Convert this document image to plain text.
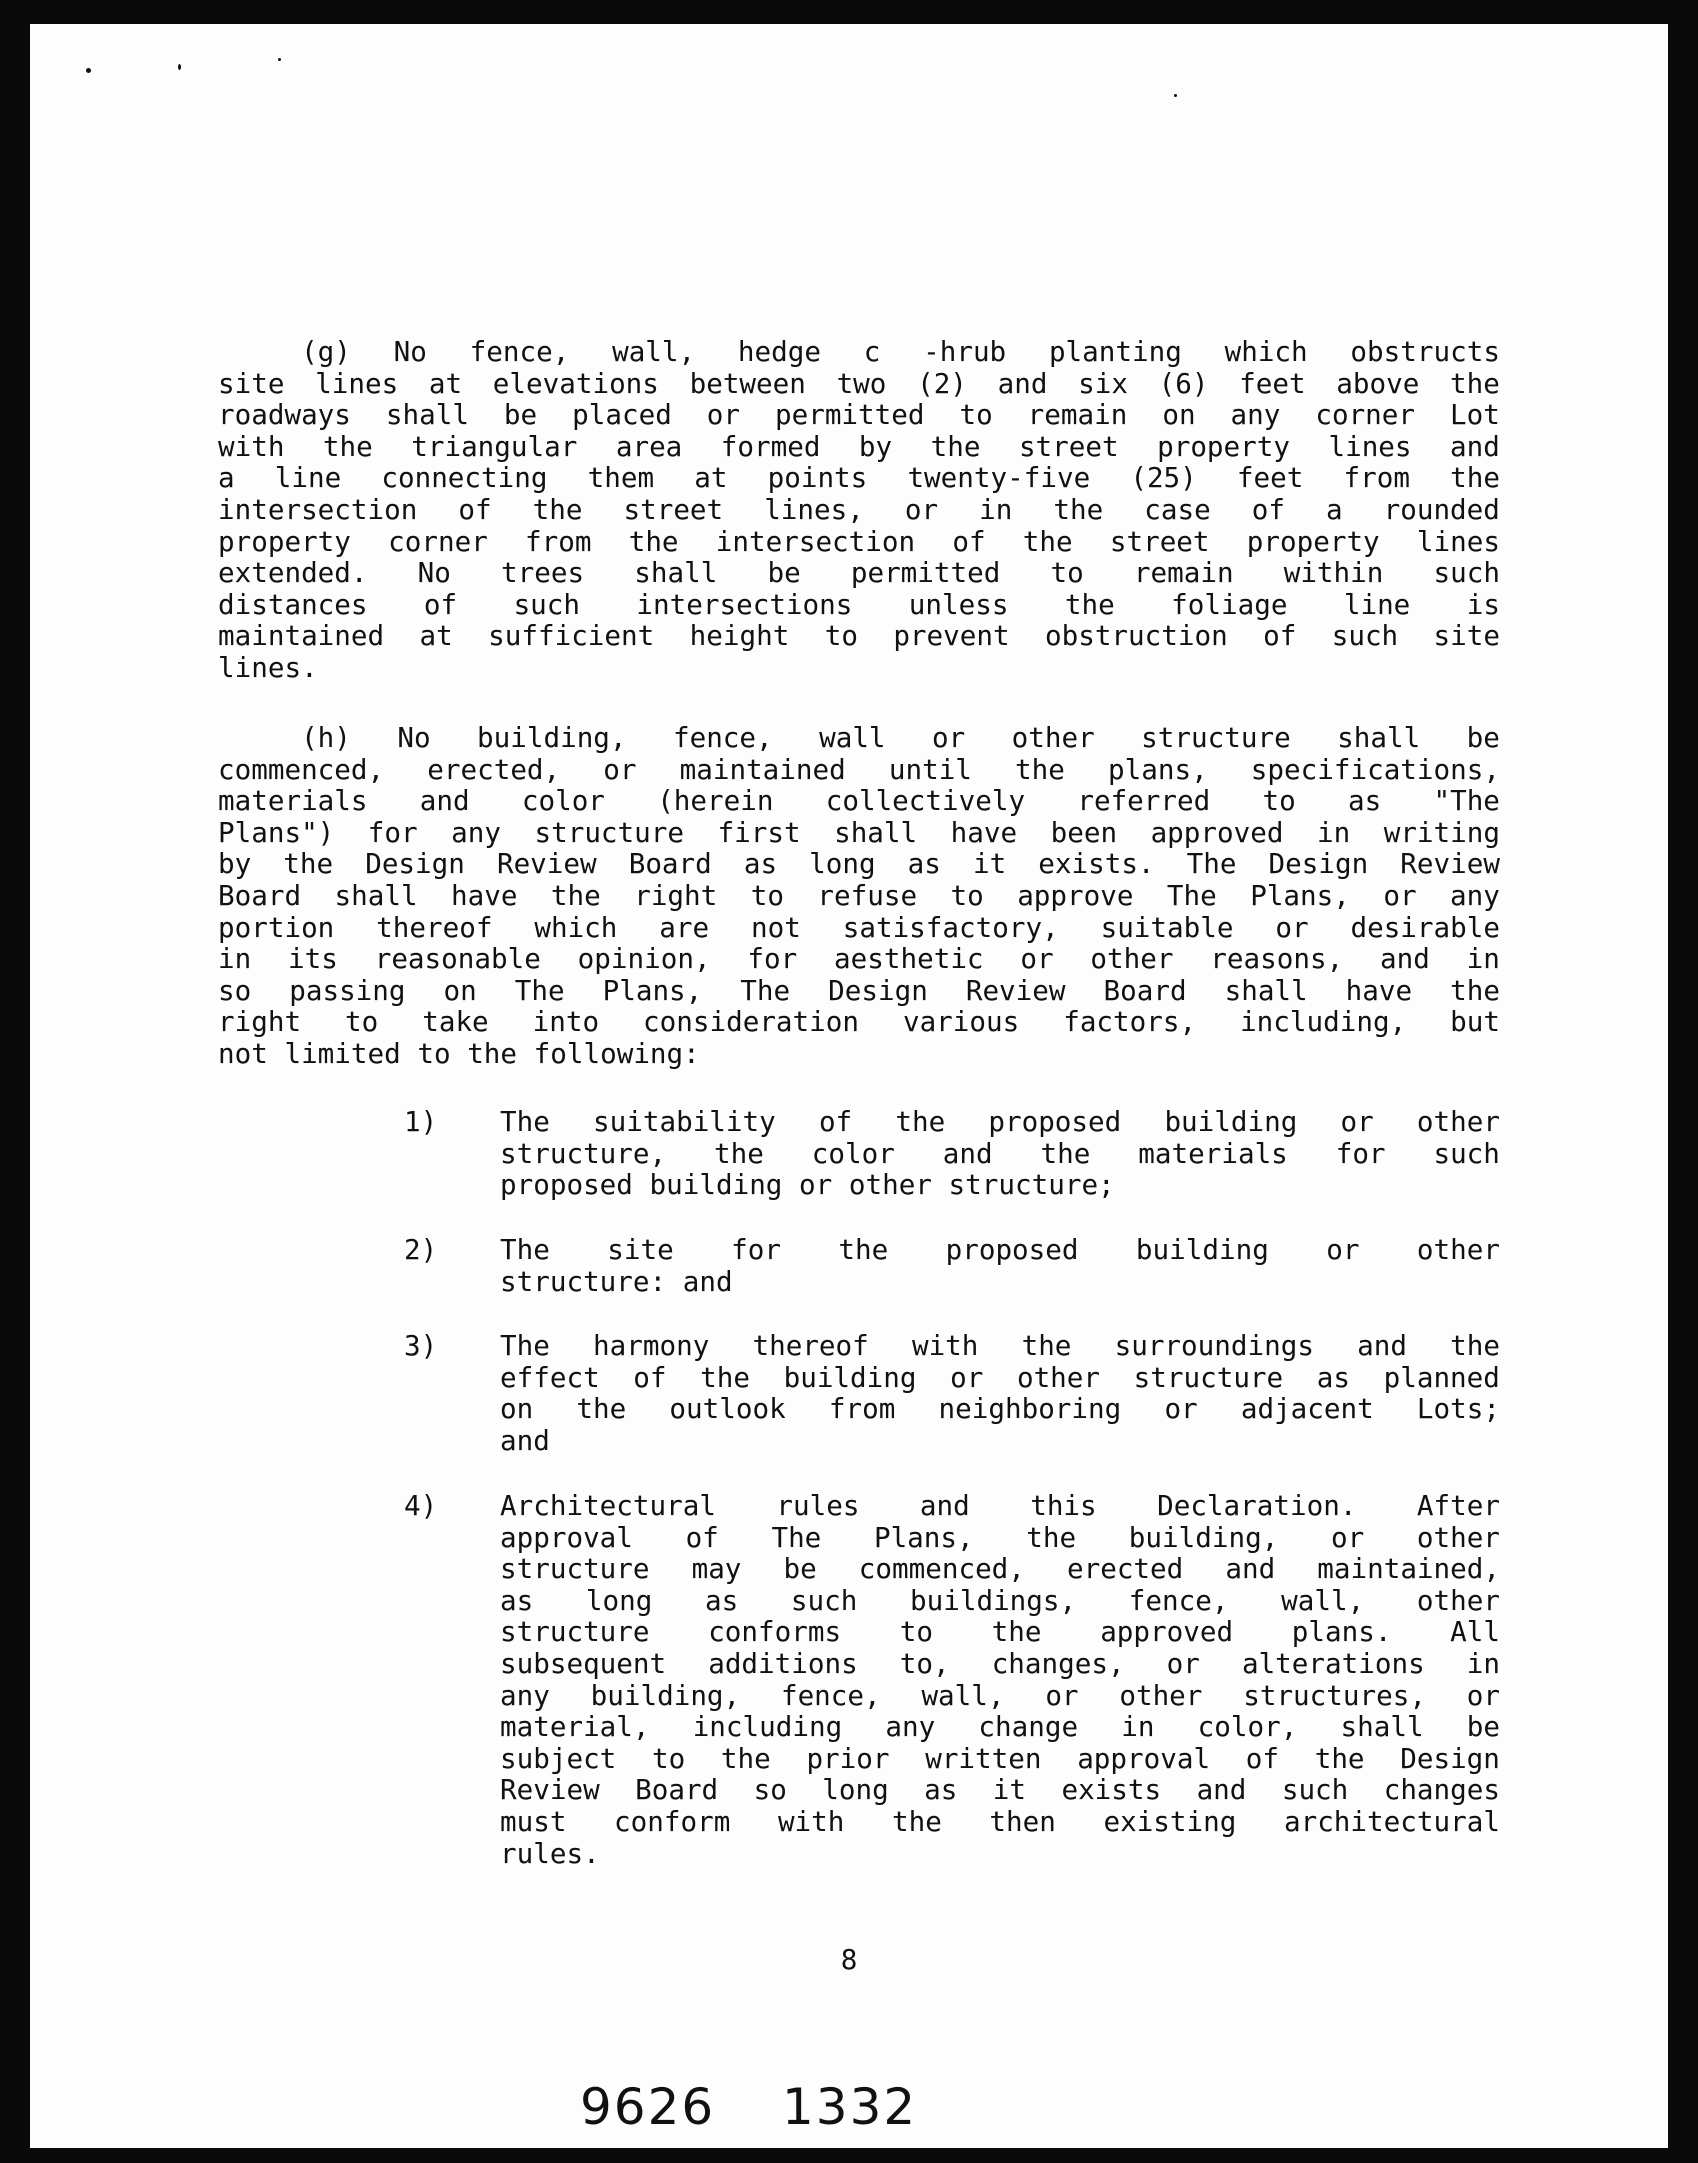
(g) No fence, wall, hedge c -hrub planting which obstructs
site lines at elevations between two (2) and six (6) feet above the
roadways shall be placed or permitted to remain on any corner Lot
with the triangular area formed by the street property lines and
a line connecting them at points twenty-five (25) feet from the
intersection of the street lines, or in the case of a rounded
property corner from the intersection of the street property lines
extended. No trees shall be permitted to remain within such
distances of such intersections unless the foliage line is
maintained at sufficient height to prevent obstruction of such site
lines.
(h) No building, fence, wall or other structure shall be
commenced, erected, or maintained until the plans, specifications,
materials and color (herein collectively referred to as "The
Plans") for any structure first shall have been approved in writing
by the Design Review Board as long as it exists. The Design Review
Board shall have the right to refuse to approve The Plans, or any
portion thereof which are not satisfactory, suitable or desirable
in its reasonable opinion, for aesthetic or other reasons, and in
so passing on The Plans, The Design Review Board shall have the
right to take into consideration various factors, including, but
not limited to the following:
1)	The suitability of the proposed building or other
structure, the color and the materials for such
proposed building or other structure;
2)	The site for the proposed building or other
structure: and
3)	The harmony thereof with the surroundings and the
effect of the building or other structure as planned
on the outlook from neighboring or adjacent Lots;
and
4)	Architectural rules and this Declaration. After
approval of The Plans, the building, or other
structure may be commenced, erected and maintained,
as long as such buildings, fence, wall, other
structure conforms to the approved plans. All
subsequent additions to, changes, or alterations in
any building, fence, wall, or other structures, or
material, including any change in color, shall be
subject to the prior written approval of the Design
Review Board so long as it exists and such changes
must conform with the then existing architectural
rules.
8
9626 1332
